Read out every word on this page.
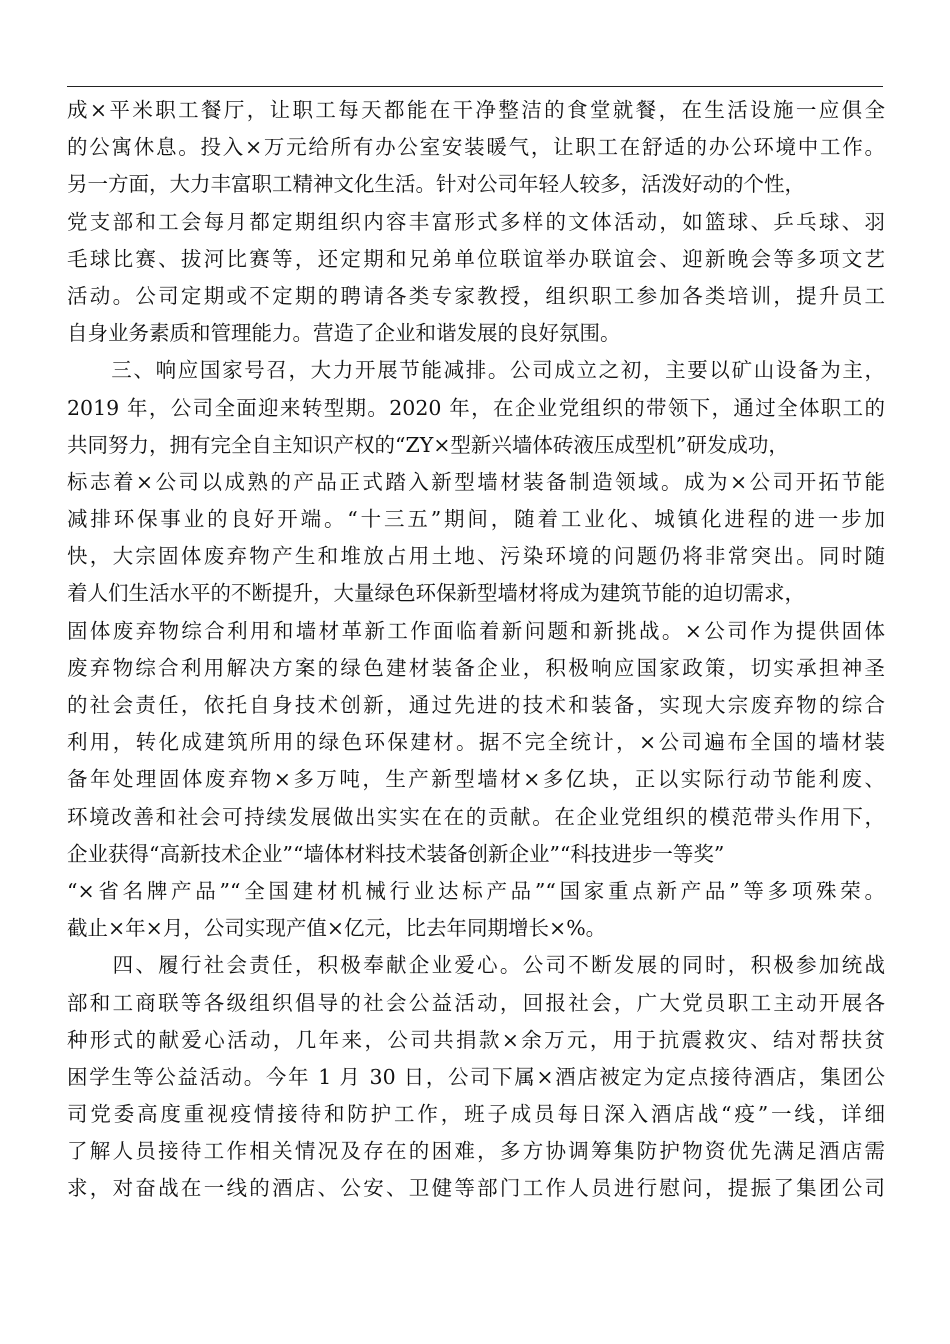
成×平米职工餐厅，让职工每天都能在干净整洁的食堂就餐，在生活设施一应俱全
的公寓休息。投入×万元给所有办公室安装暖气，让职工在舒适的办公环境中工作。
另一方面，大力丰富职工精神文化生活。针对公司年轻人较多，活泼好动的个性，
党支部和工会每月都定期组织内容丰富形式多样的文体活动，如篮球、乒乓球、羽
毛球比赛、拔河比赛等，还定期和兄弟单位联谊举办联谊会、迎新晚会等多项文艺
活动。公司定期或不定期的聘请各类专家教授，组织职工参加各类培训，提升员工
自身业务素质和管理能力。营造了企业和谐发展的良好氛围。
　　三、响应国家号召，大力开展节能减排。公司成立之初，主要以矿山设备为主，
2019 年，公司全面迎来转型期。2020 年，在企业党组织的带领下，通过全体职工的
共同努力，拥有完全自主知识产权的“ZY×型新兴墙体砖液压成型机”研发成功，
标志着×公司以成熟的产品正式踏入新型墙材装备制造领域。成为×公司开拓节能
减排环保事业的良好开端。“十三五”期间，随着工业化、城镇化进程的进一步加
快，大宗固体废弃物产生和堆放占用土地、污染环境的问题仍将非常突出。同时随
着人们生活水平的不断提升，大量绿色环保新型墙材将成为建筑节能的迫切需求，
固体废弃物综合利用和墙材革新工作面临着新问题和新挑战。×公司作为提供固体
废弃物综合利用解决方案的绿色建材装备企业，积极响应国家政策，切实承担神圣
的社会责任，依托自身技术创新，通过先进的技术和装备，实现大宗废弃物的综合
利用，转化成建筑所用的绿色环保建材。据不完全统计，×公司遍布全国的墙材装
备年处理固体废弃物×多万吨，生产新型墙材×多亿块，正以实际行动节能利废、
环境改善和社会可持续发展做出实实在在的贡献。在企业党组织的模范带头作用下，
企业获得“高新技术企业”“墙体材料技术装备创新企业”“科技进步一等奖”
“×省名牌产品”“全国建材机械行业达标产品”“国家重点新产品”等多项殊荣。
截止×年×月，公司实现产值×亿元，比去年同期增长×%。
　　四、履行社会责任，积极奉献企业爱心。公司不断发展的同时，积极参加统战
部和工商联等各级组织倡导的社会公益活动，回报社会，广大党员职工主动开展各
种形式的献爱心活动，几年来，公司共捐款×余万元，用于抗震救灾、结对帮扶贫
困学生等公益活动。今年 1 月 30 日，公司下属×酒店被定为定点接待酒店，集团公
司党委高度重视疫情接待和防护工作，班子成员每日深入酒店战“疫”一线，详细
了解人员接待工作相关情况及存在的困难，多方协调筹集防护物资优先满足酒店需
求，对奋战在一线的酒店、公安、卫健等部门工作人员进行慰问，提振了集团公司
